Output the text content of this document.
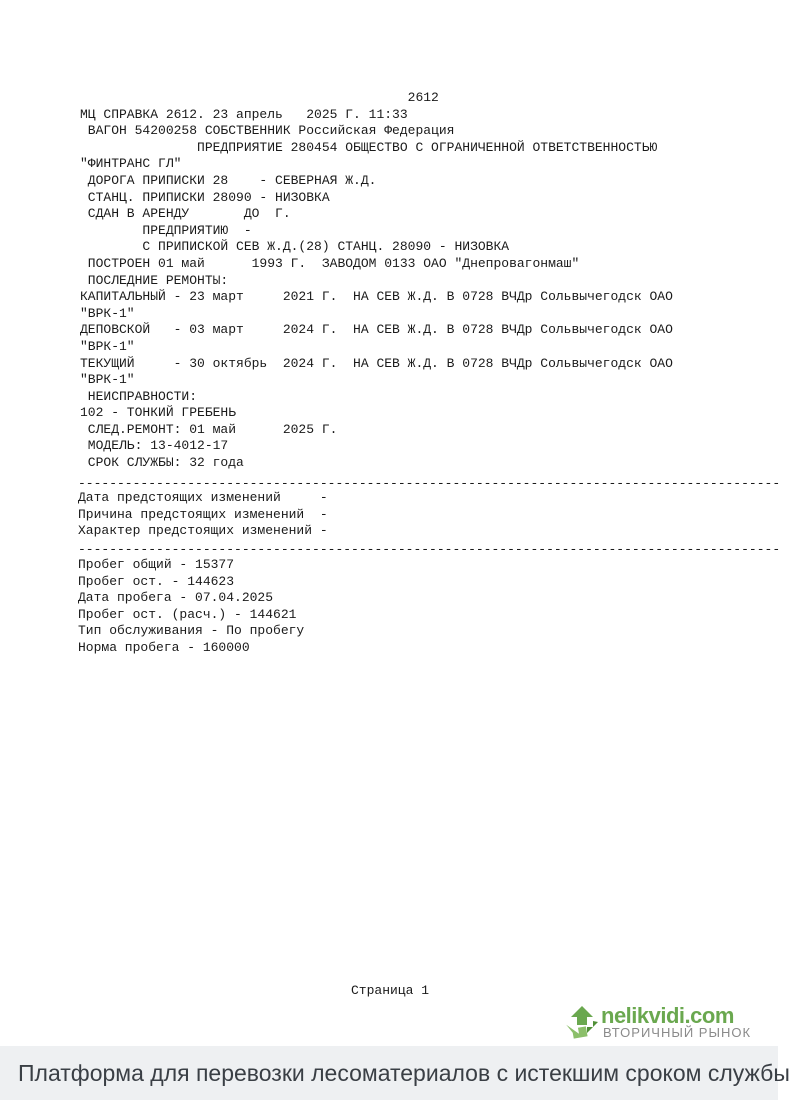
2612
МЦ СПРАВКА 2612. 23 апрель   2025 Г. 11:33
ВАГОН 54200258 СОБСТВЕННИК Российская Федерация
ПРЕДПРИЯТИЕ 280454 ОБЩЕСТВО С ОГРАНИЧЕННОЙ ОТВЕТСТВЕННОСТЬЮ
"ФИНТРАНС ГЛ"
ДОРОГА ПРИПИСКИ 28    - СЕВЕРНАЯ Ж.Д.
СТАНЦ. ПРИПИСКИ 28090 - НИЗОВКА
СДАН В АРЕНДУ       ДО  Г.
ПРЕДПРИЯТИЮ  -
С ПРИПИСКОЙ СЕВ Ж.Д.(28) СТАНЦ. 28090 - НИЗОВКА
ПОСТРОЕН 01 май      1993 Г.  ЗАВОДОМ 0133 ОАО "Днепровагонмаш"
ПОСЛЕДНИЕ РЕМОНТЫ:
КАПИТАЛЬНЫЙ - 23 март     2021 Г.  НА СЕВ Ж.Д. В 0728 ВЧДр Сольвычегодск ОАО
"ВРК-1"
ДЕПОВСКОЙ   - 03 март     2024 Г.  НА СЕВ Ж.Д. В 0728 ВЧДр Сольвычегодск ОАО
"ВРК-1"
ТЕКУЩИЙ     - 30 октябрь  2024 Г.  НА СЕВ Ж.Д. В 0728 ВЧДр Сольвычегодск ОАО
"ВРК-1"
НЕИСПРАВНОСТИ:
102 - ТОНКИЙ ГРЕБЕНЬ
СЛЕД.РЕМОНТ: 01 май      2025 Г.
МОДЕЛЬ: 13-4012-17
СРОК СЛУЖБЫ: 32 года
------------------------------------------------------------------------------------------
Дата предстоящих изменений     -
Причина предстоящих изменений  -
Характер предстоящих изменений -
------------------------------------------------------------------------------------------
Пробег общий - 15377
Пробег ост. - 144623
Дата пробега - 07.04.2025
Пробег ост. (расч.) - 144621
Тип обслуживания - По пробегу
Норма пробега - 160000
Страница 1
nelikvidi.com
ВТОРИЧНЫЙ РЫНОК
Платформа для перевозки лесоматериалов с истекшим сроком службы
